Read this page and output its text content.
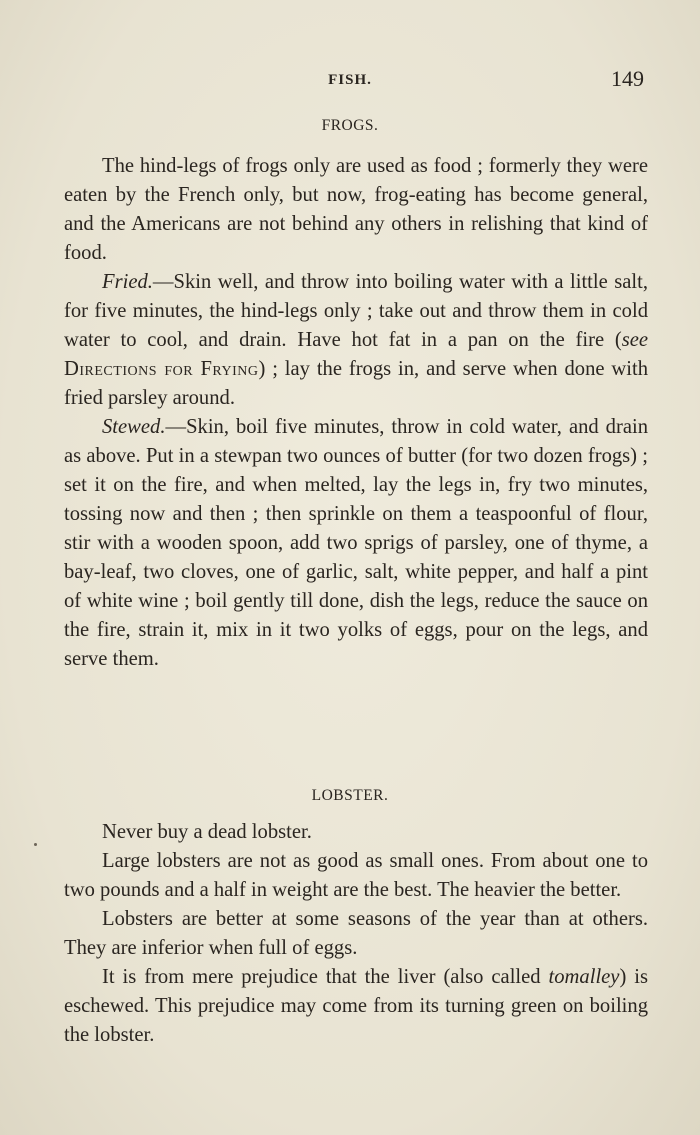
FISH.	149
FROGS.

The hind-legs of frogs only are used as food ; formerly they were eaten by the French only, but now, frog-eating has become general, and the Americans are not behind any others in relishing that kind of food.

Fried.—Skin well, and throw into boiling water with a little salt, for five minutes, the hind-legs only ; take out and throw them in cold water to cool, and drain. Have hot fat in a pan on the fire (see Directions for Frying) ; lay the frogs in, and serve when done with fried parsley around.

Stewed.—Skin, boil five minutes, throw in cold water, and drain as above. Put in a stewpan two ounces of butter (for two dozen frogs) ; set it on the fire, and when melted, lay the legs in, fry two minutes, tossing now and then ; then sprinkle on them a teaspoonful of flour, stir with a wooden spoon, add two sprigs of parsley, one of thyme, a bay-leaf, two cloves, one of garlic, salt, white pepper, and half a pint of white wine ; boil gently till done, dish the legs, reduce the sauce on the fire, strain it, mix in it two yolks of eggs, pour on the legs, and serve them.

LOBSTER.

Never buy a dead lobster.

Large lobsters are not as good as small ones. From about one to two pounds and a half in weight are the best. The heavier the better.

Lobsters are better at some seasons of the year than at others. They are inferior when full of eggs.

It is from mere prejudice that the liver (also called tomalley) is eschewed. This prejudice may come from its turning green on boiling the lobster.
